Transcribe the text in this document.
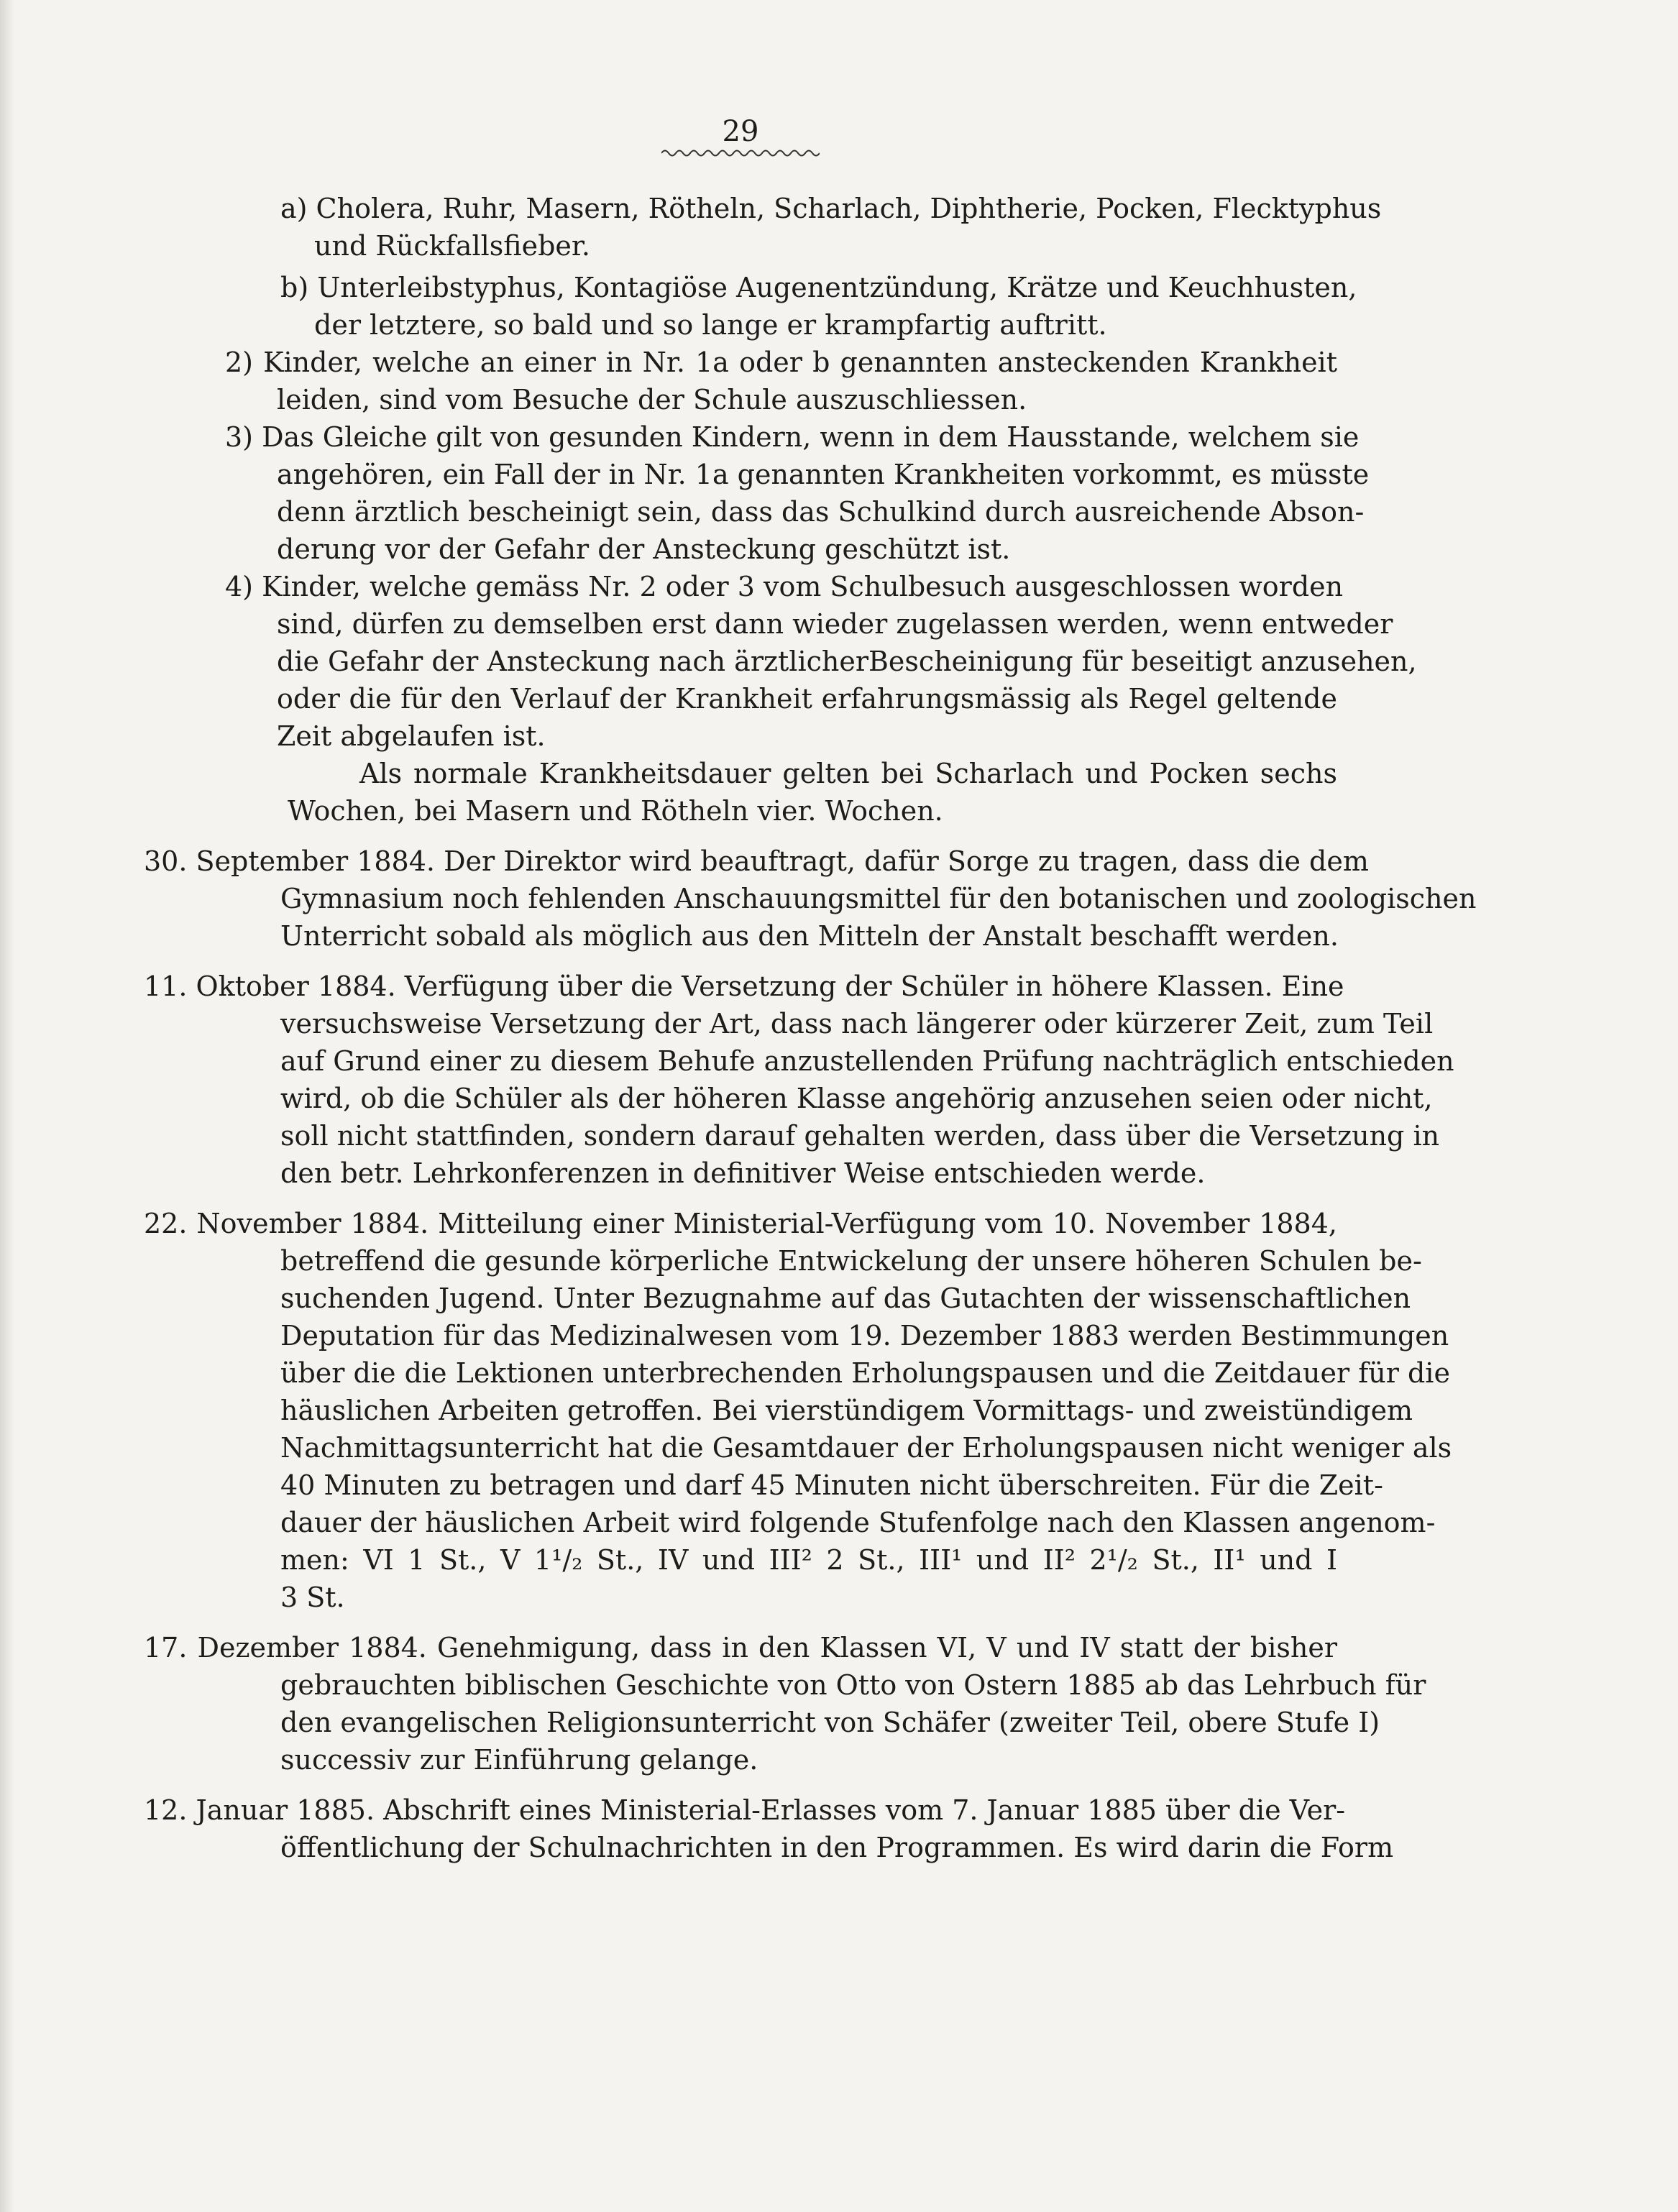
29
a) Cholera, Ruhr, Masern, Rötheln, Scharlach, Diphtherie, Pocken, Flecktyphus
und Rückfallsfieber.
b) Unterleibstyphus, Kontagiöse Augenentzündung, Krätze und Keuchhusten,
der letztere, so bald und so lange er krampfartig auftritt.
2) Kinder, welche an einer in Nr. 1a oder b genannten ansteckenden Krankheit
leiden, sind vom Besuche der Schule auszuschliessen.
3) Das Gleiche gilt von gesunden Kindern, wenn in dem Hausstande, welchem sie
angehören, ein Fall der in Nr. 1a genannten Krankheiten vorkommt, es müsste
denn ärztlich bescheinigt sein, dass das Schulkind durch ausreichende Abson-
derung vor der Gefahr der Ansteckung geschützt ist.
4) Kinder, welche gemäss Nr. 2 oder 3 vom Schulbesuch ausgeschlossen worden
sind, dürfen zu demselben erst dann wieder zugelassen werden, wenn entweder
die Gefahr der Ansteckung nach ärztlicherBescheinigung für beseitigt anzusehen,
oder die für den Verlauf der Krankheit erfahrungsmässig als Regel geltende
Zeit abgelaufen ist.
Als normale Krankheitsdauer gelten bei Scharlach und Pocken sechs
Wochen, bei Masern und Rötheln vier. Wochen.
30. September 1884. Der Direktor wird beauftragt, dafür Sorge zu tragen, dass die dem
Gymnasium noch fehlenden Anschauungsmittel für den botanischen und zoologischen
Unterricht sobald als möglich aus den Mitteln der Anstalt beschafft werden.
11. Oktober 1884. Verfügung über die Versetzung der Schüler in höhere Klassen. Eine
versuchsweise Versetzung der Art, dass nach längerer oder kürzerer Zeit, zum Teil
auf Grund einer zu diesem Behufe anzustellenden Prüfung nachträglich entschieden
wird, ob die Schüler als der höheren Klasse angehörig anzusehen seien oder nicht,
soll nicht stattfinden, sondern darauf gehalten werden, dass über die Versetzung in
den betr. Lehrkonferenzen in definitiver Weise entschieden werde.
22. November 1884. Mitteilung einer Ministerial-Verfügung vom 10. November 1884,
betreffend die gesunde körperliche Entwickelung der unsere höheren Schulen be-
suchenden Jugend. Unter Bezugnahme auf das Gutachten der wissenschaftlichen
Deputation für das Medizinalwesen vom 19. Dezember 1883 werden Bestimmungen
über die die Lektionen unterbrechenden Erholungspausen und die Zeitdauer für die
häuslichen Arbeiten getroffen. Bei vierstündigem Vormittags- und zweistündigem
Nachmittagsunterricht hat die Gesamtdauer der Erholungspausen nicht weniger als
40 Minuten zu betragen und darf 45 Minuten nicht überschreiten. Für die Zeit-
dauer der häuslichen Arbeit wird folgende Stufenfolge nach den Klassen angenom-
men: VI 1 St., V 1¹/₂ St., IV und III² 2 St., III¹ und II² 2¹/₂ St., II¹ und I
3 St.
17. Dezember 1884. Genehmigung, dass in den Klassen VI, V und IV statt der bisher
gebrauchten biblischen Geschichte von Otto von Ostern 1885 ab das Lehrbuch für
den evangelischen Religionsunterricht von Schäfer (zweiter Teil, obere Stufe I)
successiv zur Einführung gelange.
12. Januar 1885. Abschrift eines Ministerial-Erlasses vom 7. Januar 1885 über die Ver-
öffentlichung der Schulnachrichten in den Programmen. Es wird darin die Form
